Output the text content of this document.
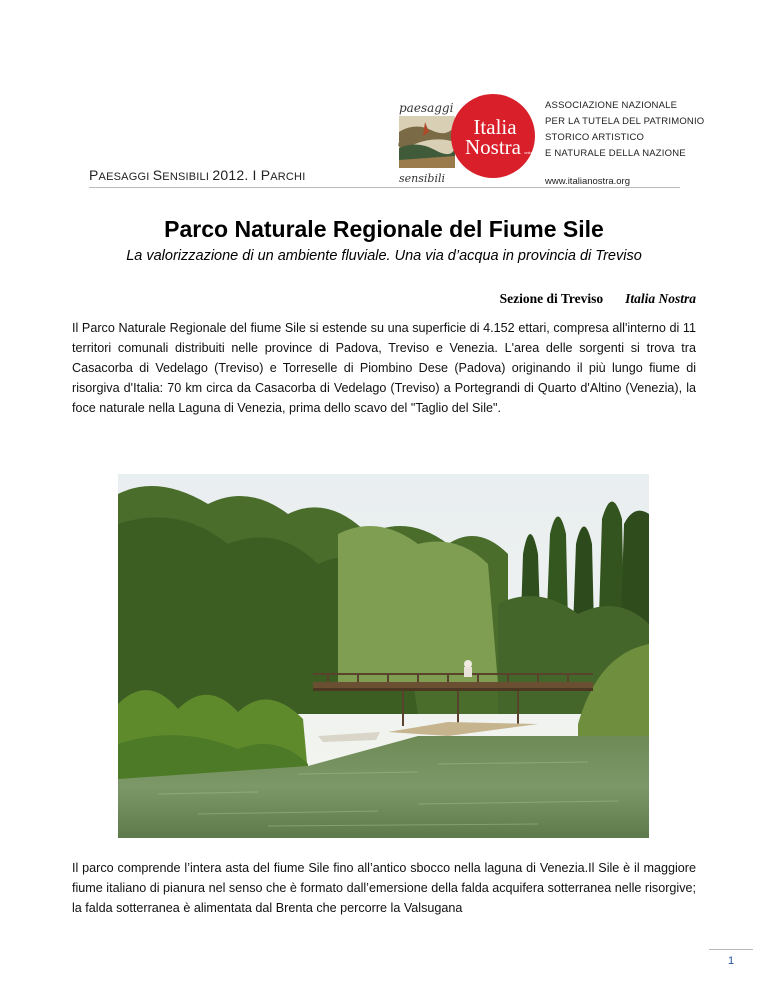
PAESAGGI SENSIBILI 2012. I PARCHI
Italia
Nostra onlus
paesaggi
sensibili
ASSOCIAZIONE NAZIONALE
PER LA TUTELA DEL PATRIMONIO
STORICO ARTISTICO
E NATURALE DELLA NAZIONE
www.italianostra.org
Parco Naturale Regionale del Fiume Sile
La valorizzazione di un ambiente fluviale. Una via d’acqua in provincia di Treviso
Sezione di Treviso Italia Nostra
Il Parco Naturale Regionale del fiume Sile si estende su una superficie di 4.152 ettari, compresa all'interno di 11 territori comunali distribuiti nelle province di Padova, Treviso e Venezia. L'area delle sorgenti si trova tra Casacorba di Vedelago (Treviso) e Torreselle di Piombino Dese (Padova) originando il più lungo fiume di risorgiva d'Italia: 70 km circa da Casacorba di Vedelago (Treviso) a Portegrandi di Quarto d'Altino (Venezia), la foce naturale nella Laguna di Venezia, prima dello scavo del "Taglio del Sile".
Il parco comprende l’intera asta del fiume Sile fino all’antico sbocco nella laguna di Venezia.Il Sile è il maggiore fiume italiano di pianura nel senso che è formato dall’emersione della falda acquifera sotterranea nelle risorgive; la falda sotterranea è alimentata dal Brenta che percorre la Valsugana
1
